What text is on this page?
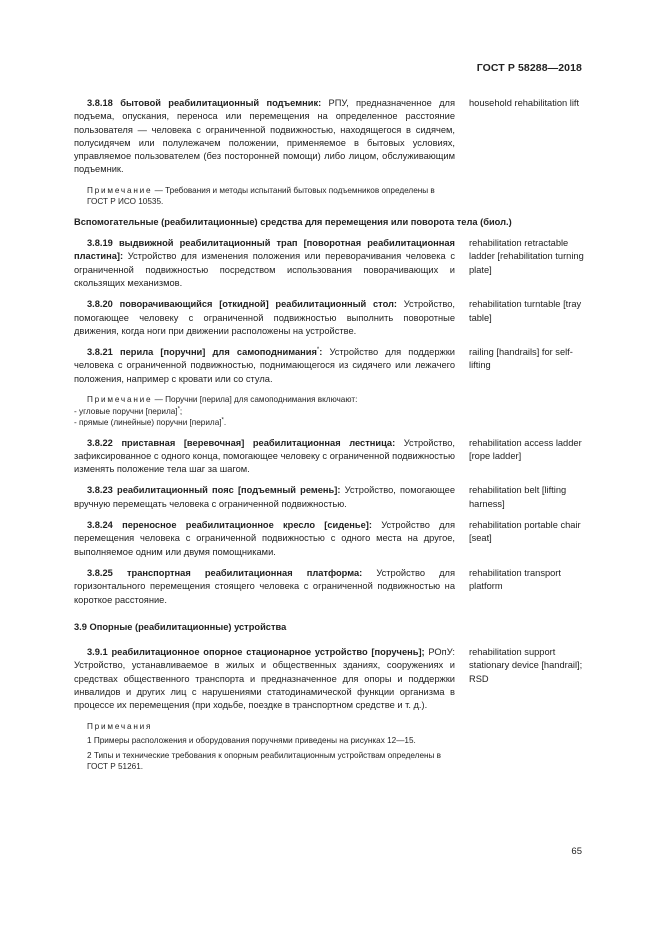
ГОСТ Р 58288—2018
3.8.18 бытовой реабилитационный подъемник: РПУ, предназначенное для подъема, опускания, переноса или перемещения на определенное расстояние пользователя — человека с ограниченной подвижностью, находящегося в сидячем, полусидячем или полулежачем положении, применяемое в бытовых условиях, управляемое пользователем (без посторонней помощи) либо лицом, обслуживающим подъемник.
household rehabilitation lift

Примечание — Требования и методы испытаний бытовых подъемников определены в ГОСТ Р ИСО 10535.

Вспомогательные (реабилитационные) средства для перемещения или поворота тела (биол.)
3.8.19 выдвижной реабилитационный трап [поворотная реабилитационная пластина]: Устройство для изменения положения или переворачивания человека с ограниченной подвижностью посредством использования поворачивающих и скользящих механизмов.
rehabilitation retractable ladder [rehabilitation turning plate]
3.8.20 поворачивающийся [откидной] реабилитационный стол: Устройство, помогающее человеку с ограниченной подвижностью выполнить поворотные движения, когда ноги при движении расположены на устройстве.
rehabilitation turntable [tray table]
3.8.21 перила [поручни] для самоподнимания*: Устройство для поддержки человека с ограниченной подвижностью, поднимающегося из сидячего или лежачего положения, например с кровати или со стула.
railing [handrails] for self-lifting

Примечание — Поручни [перила] для самоподнимания включают:

- угловые поручни [перила]*;

- прямые (линейные) поручни [перила]*.

3.8.22 приставная [веревочная] реабилитационная лестница: Устройство, зафиксированное с одного конца, помогающее человеку с ограниченной подвижностью изменять положение тела шаг за шагом.
rehabilitation access ladder [rope ladder]
3.8.23 реабилитационный пояс [подъемный ремень]: Устройство, помогающее вручную перемещать человека с ограниченной подвижностью.
rehabilitation belt [lifting harness]
3.8.24 переносное реабилитационное кресло [сиденье]: Устройство для перемещения человека с ограниченной подвижностью с одного места на другое, выполняемое одним или двумя помощниками.
rehabilitation portable chair [seat]
3.8.25 транспортная реабилитационная платформа: Устройство для горизонтального перемещения стоящего человека с ограниченной подвижностью на короткое расстояние.
rehabilitation transport platform
3.9 Опорные (реабилитационные) устройства
3.9.1 реабилитационное опорное стационарное устройство [поручень]; РОпУ: Устройство, устанавливаемое в жилых и общественных зданиях, сооружениях и средствах общественного транспорта и предназначенное для опоры и поддержки инвалидов и других лиц с нарушениями статодинамической функции организма в процессе их перемещения (при ходьбе, поездке в транспортном средстве и т. д.).
rehabilitation support stationary device [handrail]; RSD

Примечания

1 Примеры расположения и оборудования поручнями приведены на рисунках 12—15.

2 Типы и технические требования к опорным реабилитационным устройствам определены в ГОСТ Р 51261.

65
